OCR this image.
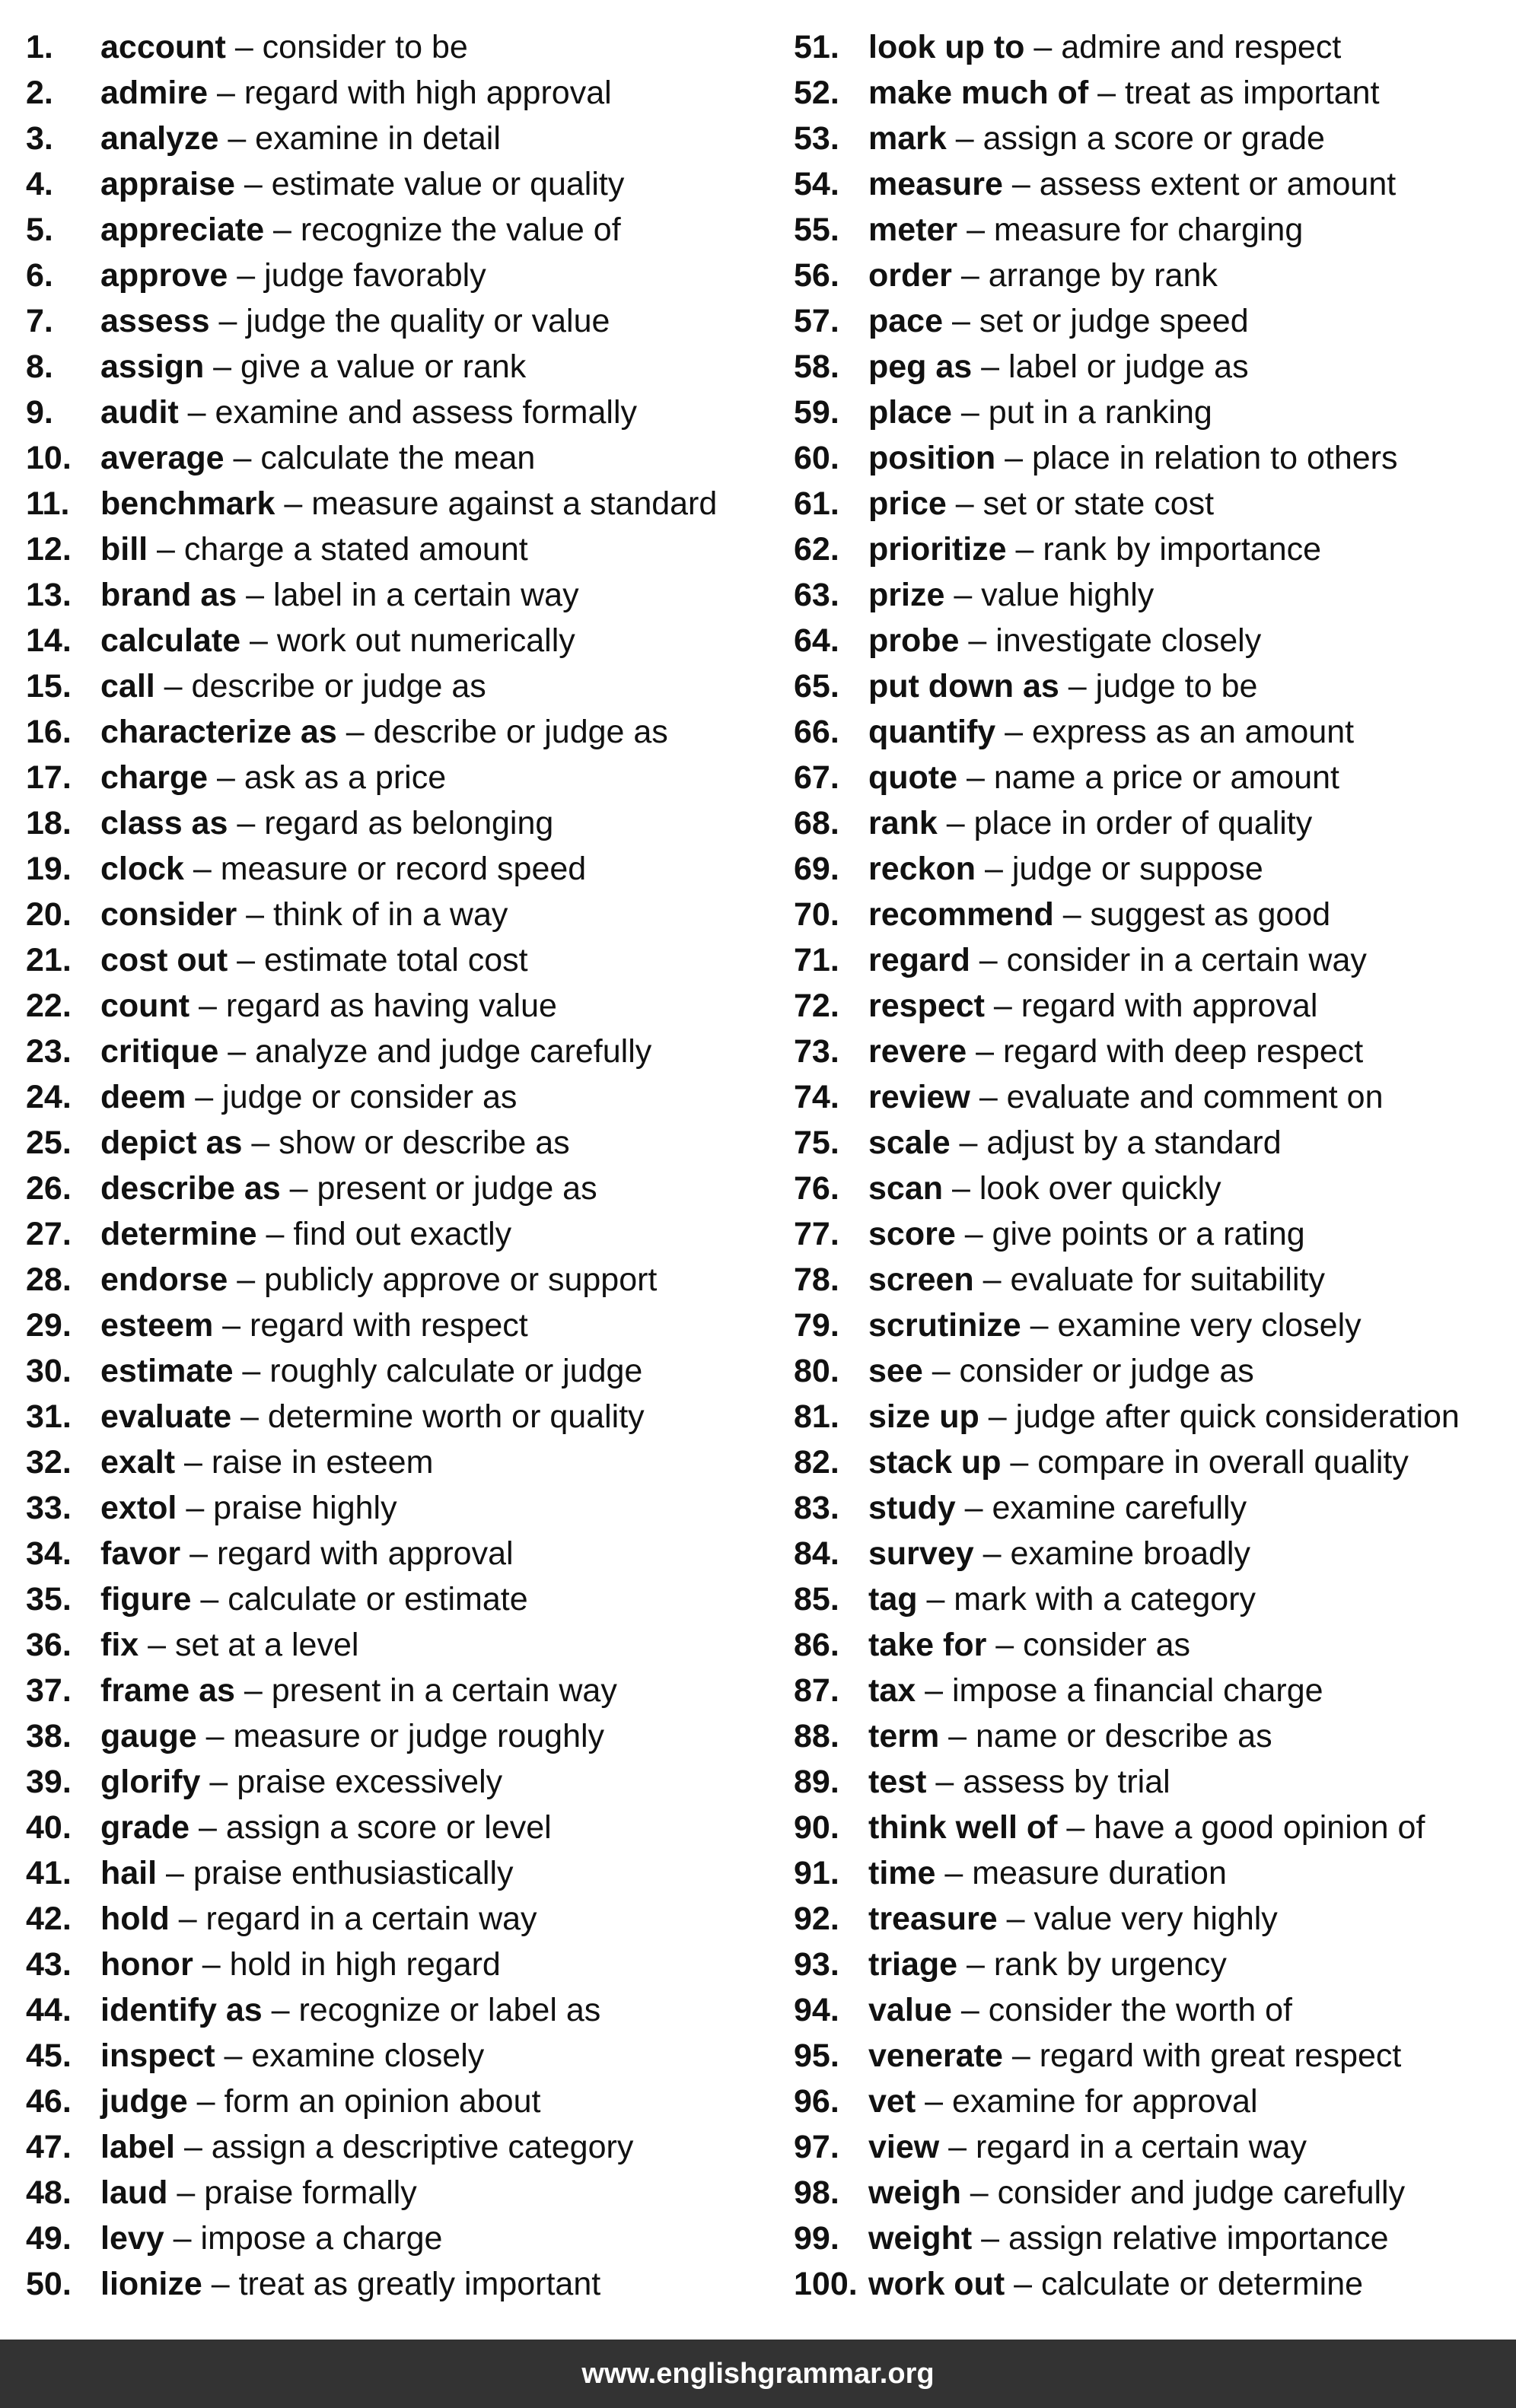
1.	account – consider to be
2.	admire – regard with high approval
3.	analyze – examine in detail
4.	appraise – estimate value or quality
5.	appreciate – recognize the value of
6.	approve – judge favorably
7.	assess – judge the quality or value
8.	assign – give a value or rank
9.	audit – examine and assess formally
10. average – calculate the mean
11. benchmark – measure against a standard
12. bill – charge a stated amount
13. brand as – label in a certain way
14. calculate – work out numerically
15. call – describe or judge as
16. characterize as – describe or judge as
17. charge – ask as a price
18. class as – regard as belonging
19. clock – measure or record speed
20. consider – think of in a way
21. cost out – estimate total cost
22. count – regard as having value
23. critique – analyze and judge carefully
24. deem – judge or consider as
25. depict as – show or describe as
26. describe as – present or judge as
27. determine – find out exactly
28. endorse – publicly approve or support
29. esteem – regard with respect
30. estimate – roughly calculate or judge
31. evaluate – determine worth or quality
32. exalt – raise in esteem
33. extol – praise highly
34. favor – regard with approval
35. figure – calculate or estimate
36. fix – set at a level
37. frame as – present in a certain way
38. gauge – measure or judge roughly
39. glorify – praise excessively
40. grade – assign a score or level
41. hail – praise enthusiastically
42. hold – regard in a certain way
43. honor – hold in high regard
44. identify as – recognize or label as
45. inspect – examine closely
46. judge – form an opinion about
47. label – assign a descriptive category
48. laud – praise formally
49. levy – impose a charge
50. lionize – treat as greatly important
51. look up to – admire and respect
52. make much of – treat as important
53. mark – assign a score or grade
54. measure – assess extent or amount
55. meter – measure for charging
56. order – arrange by rank
57. pace – set or judge speed
58. peg as – label or judge as
59. place – put in a ranking
60. position – place in relation to others
61. price – set or state cost
62. prioritize – rank by importance
63. prize – value highly
64. probe – investigate closely
65. put down as – judge to be
66. quantify – express as an amount
67. quote – name a price or amount
68. rank – place in order of quality
69. reckon – judge or suppose
70. recommend – suggest as good
71. regard – consider in a certain way
72. respect – regard with approval
73. revere – regard with deep respect
74. review – evaluate and comment on
75. scale – adjust by a standard
76. scan – look over quickly
77. score – give points or a rating
78. screen – evaluate for suitability
79. scrutinize – examine very closely
80. see – consider or judge as
81. size up – judge after quick consideration
82. stack up – compare in overall quality
83. study – examine carefully
84. survey – examine broadly
85. tag – mark with a category
86. take for – consider as
87. tax – impose a financial charge
88. term – name or describe as
89. test – assess by trial
90. think well of – have a good opinion of
91. time – measure duration
92. treasure – value very highly
93. triage – rank by urgency
94. value – consider the worth of
95. venerate – regard with great respect
96. vet – examine for approval
97. view – regard in a certain way
98. weigh – consider and judge carefully
99. weight – assign relative importance
100. work out – calculate or determine
www.englishgrammar.org
